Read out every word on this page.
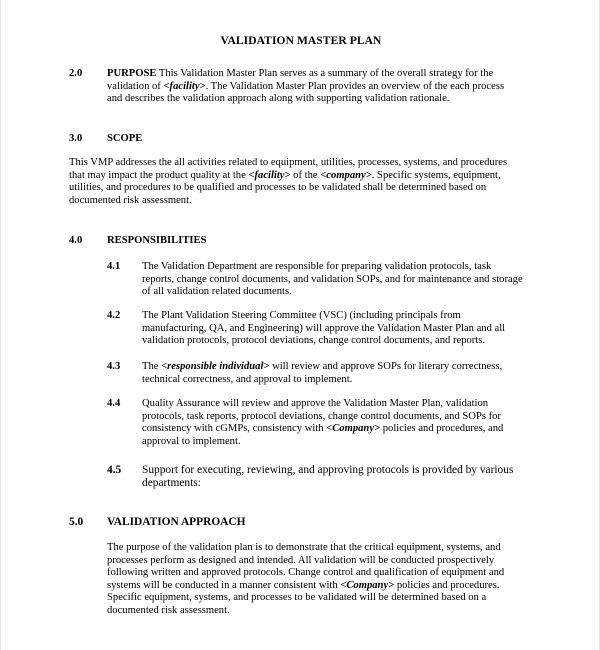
VALIDATION MASTER PLAN
2.0 PURPOSE This Validation Master Plan serves as a summary of the overall strategy for the
validation of <facility>. The Validation Master Plan provides an overview of the each process
and describes the validation approach along with supporting validation rationale.
3.0 SCOPE
This VMP addresses the all activities related to equipment, utilities, processes, systems, and procedures
that may impact the product quality at the <facility> of the <company>. Specific systems, equipment,
utilities, and procedures to be qualified and processes to be validated shall be determined based on
documented risk assessment.
4.0 RESPONSIBILITIES
4.1 The Validation Department are responsible for preparing validation protocols, task
reports, change control documents, and validation SOPs, and for maintenance and storage
of all validation related documents.
4.2 The Plant Validation Steering Committee (VSC) (including principals from
manufacturing, QA, and Engineering) will approve the Validation Master Plan and all
validation protocols, protocol deviations, change control documents, and reports.
4.3 The <responsible individual> will review and approve SOPs for literary correctness,
technical correctness, and approval to implement.
4.4 Quality Assurance will review and approve the Validation Master Plan, validation
protocols, task reports, protocol deviations, change control documents, and SOPs for
consistency with cGMPs, consistency with <Company> policies and procedures, and
approval to implement.
4.5 Support for executing, reviewing, and approving protocols is provided by various
departments:
5.0 VALIDATION APPROACH
The purpose of the validation plan is to demonstrate that the critical equipment, systems, and
processes perform as designed and intended. All validation will be conducted prospectively
following written and approved protocols. Change control and qualification of equipment and
systems will be conducted in a manner consistent with <Company> policies and procedures.
Specific equipment, systems, and processes to be validated will be determined based on a
documented risk assessment.
